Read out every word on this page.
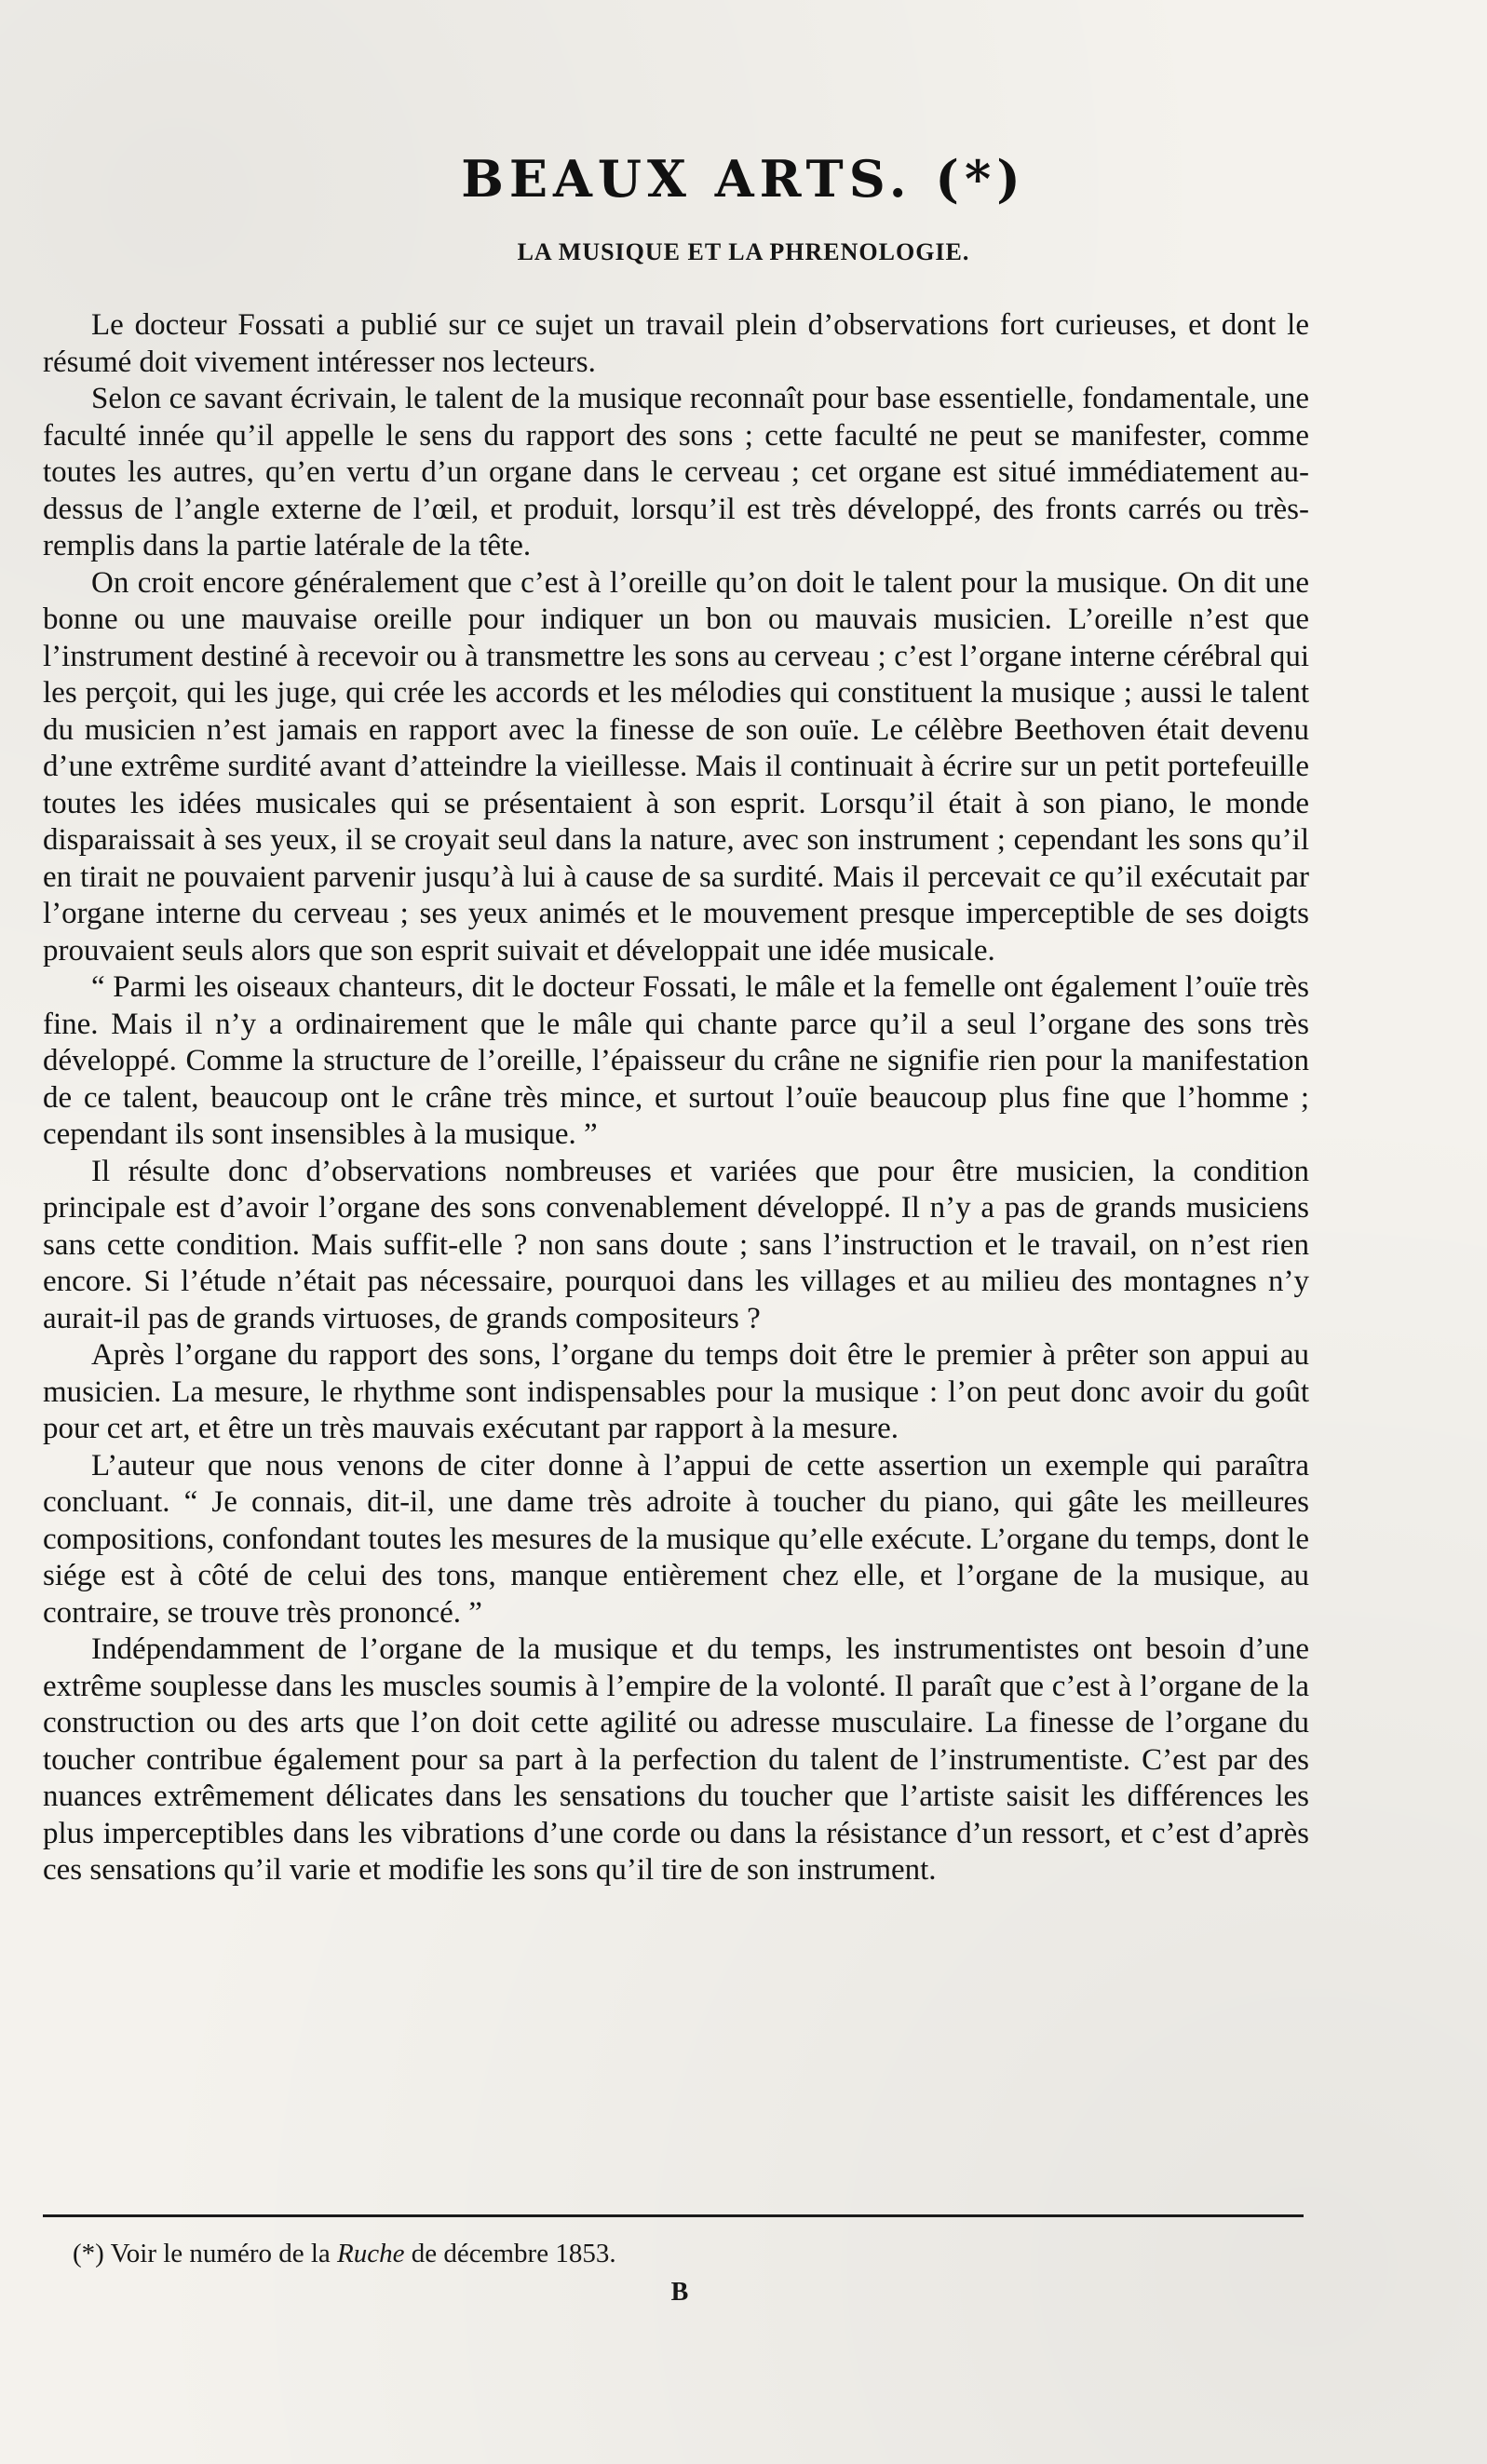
BEAUX ARTS. (*)
LA MUSIQUE ET LA PHRENOLOGIE.

Le docteur Fossati a publié sur ce sujet un travail plein d’observations fort curieuses, et dont le résumé doit vivement intéresser nos lecteurs.

Selon ce savant écrivain, le talent de la musique reconnaît pour base essentielle, fondamentale, une faculté innée qu’il appelle le sens du rapport des sons ; cette faculté ne peut se manifester, comme toutes les autres, qu’en vertu d’un organe dans le cerveau ; cet organe est situé immédiatement au-dessus de l’angle externe de l’œil, et produit, lorsqu’il est très développé, des fronts carrés ou très-remplis dans la partie latérale de la tête.

On croit encore généralement que c’est à l’oreille qu’on doit le talent pour la musique. On dit une bonne ou une mauvaise oreille pour indiquer un bon ou mauvais musicien. L’oreille n’est que l’instrument destiné à recevoir ou à transmettre les sons au cerveau ; c’est l’organe interne cérébral qui les perçoit, qui les juge, qui crée les accords et les mélodies qui constituent la musique ; aussi le talent du musicien n’est jamais en rapport avec la finesse de son ouïe. Le célèbre Beethoven était devenu d’une extrême surdité avant d’atteindre la vieillesse. Mais il continuait à écrire sur un petit portefeuille toutes les idées musicales qui se présentaient à son esprit. Lorsqu’il était à son piano, le monde disparaissait à ses yeux, il se croyait seul dans la nature, avec son instrument ; cependant les sons qu’il en tirait ne pouvaient parvenir jusqu’à lui à cause de sa surdité. Mais il percevait ce qu’il exécutait par l’organe interne du cerveau ; ses yeux animés et le mouvement presque imperceptible de ses doigts prouvaient seuls alors que son esprit suivait et développait une idée musicale.

“ Parmi les oiseaux chanteurs, dit le docteur Fossati, le mâle et la femelle ont également l’ouïe très fine. Mais il n’y a ordinairement que le mâle qui chante parce qu’il a seul l’organe des sons très développé. Comme la structure de l’oreille, l’épaisseur du crâne ne signifie rien pour la manifestation de ce talent, beaucoup ont le crâne très mince, et surtout l’ouïe beaucoup plus fine que l’homme ; cependant ils sont insensibles à la musique. ”

Il résulte donc d’observations nombreuses et variées que pour être musicien, la condition principale est d’avoir l’organe des sons convenablement développé. Il n’y a pas de grands musiciens sans cette condition. Mais suffit-elle ? non sans doute ; sans l’instruction et le travail, on n’est rien encore. Si l’étude n’était pas nécessaire, pourquoi dans les villages et au milieu des montagnes n’y aurait-il pas de grands virtuoses, de grands compositeurs ?

Après l’organe du rapport des sons, l’organe du temps doit être le premier à prêter son appui au musicien. La mesure, le rhythme sont indispensables pour la musique : l’on peut donc avoir du goût pour cet art, et être un très mauvais exécutant par rapport à la mesure.

L’auteur que nous venons de citer donne à l’appui de cette assertion un exemple qui paraîtra concluant. “ Je connais, dit-il, une dame très adroite à toucher du piano, qui gâte les meilleures compositions, confondant toutes les mesures de la musique qu’elle exécute. L’organe du temps, dont le siége est à côté de celui des tons, manque entièrement chez elle, et l’organe de la musique, au contraire, se trouve très prononcé. ”

Indépendamment de l’organe de la musique et du temps, les instrumentistes ont besoin d’une extrême souplesse dans les muscles soumis à l’empire de la volonté. Il paraît que c’est à l’organe de la construction ou des arts que l’on doit cette agilité ou adresse musculaire. La finesse de l’organe du toucher contribue également pour sa part à la perfection du talent de l’instrumentiste. C’est par des nuances extrêmement délicates dans les sensations du toucher que l’artiste saisit les différences les plus imperceptibles dans les vibrations d’une corde ou dans la résistance d’un ressort, et c’est d’après ces sensations qu’il varie et modifie les sons qu’il tire de son instrument.

(*) Voir le numéro de la Ruche de décembre 1853.
B
